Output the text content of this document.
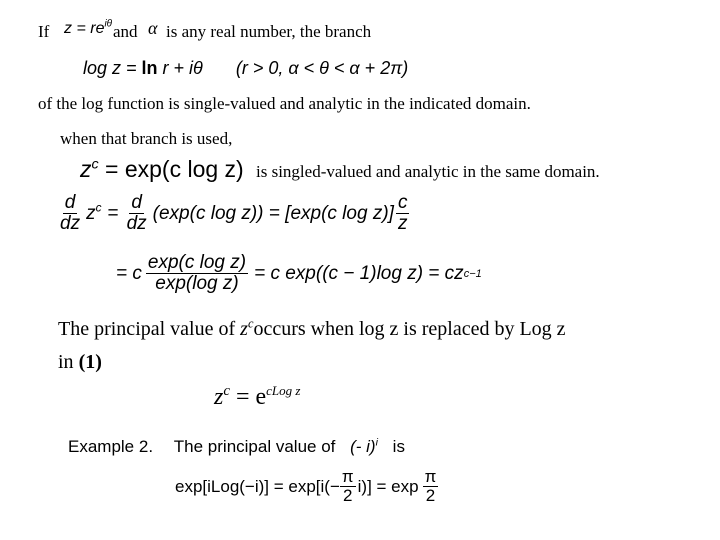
If $z = re^{i\theta}$ and α is any real number, the branch
log z = ln r + iθ (r > 0, α < θ < α + 2π)
of the log function is single-valued and analytic in the indicated domain.
when that branch is used,
$z^c = \exp(c$ log z) is singled-valued and analytic in the same domain.
$\frac{d}{dz} z^c = \frac{d}{dz} (\exp(c$ log z)) = [exp(c $\log z)] \frac{c}{z}$
= c $\frac{\text{exp(c log z)}}{\text{exp(log z)}} = c$ exp((c − 1)log z) = cz c−1
The principal value of $z^coccurs$ when log z is replaced by Log z
in (1)
$z^c = e^{cLog z}$
Example 2. The principal value of (- i)$^i$ is
exp[iLog(−i)] = $\exp[i(- \frac{\pi}{2} i)] = \exp \frac{\pi}{2}$
